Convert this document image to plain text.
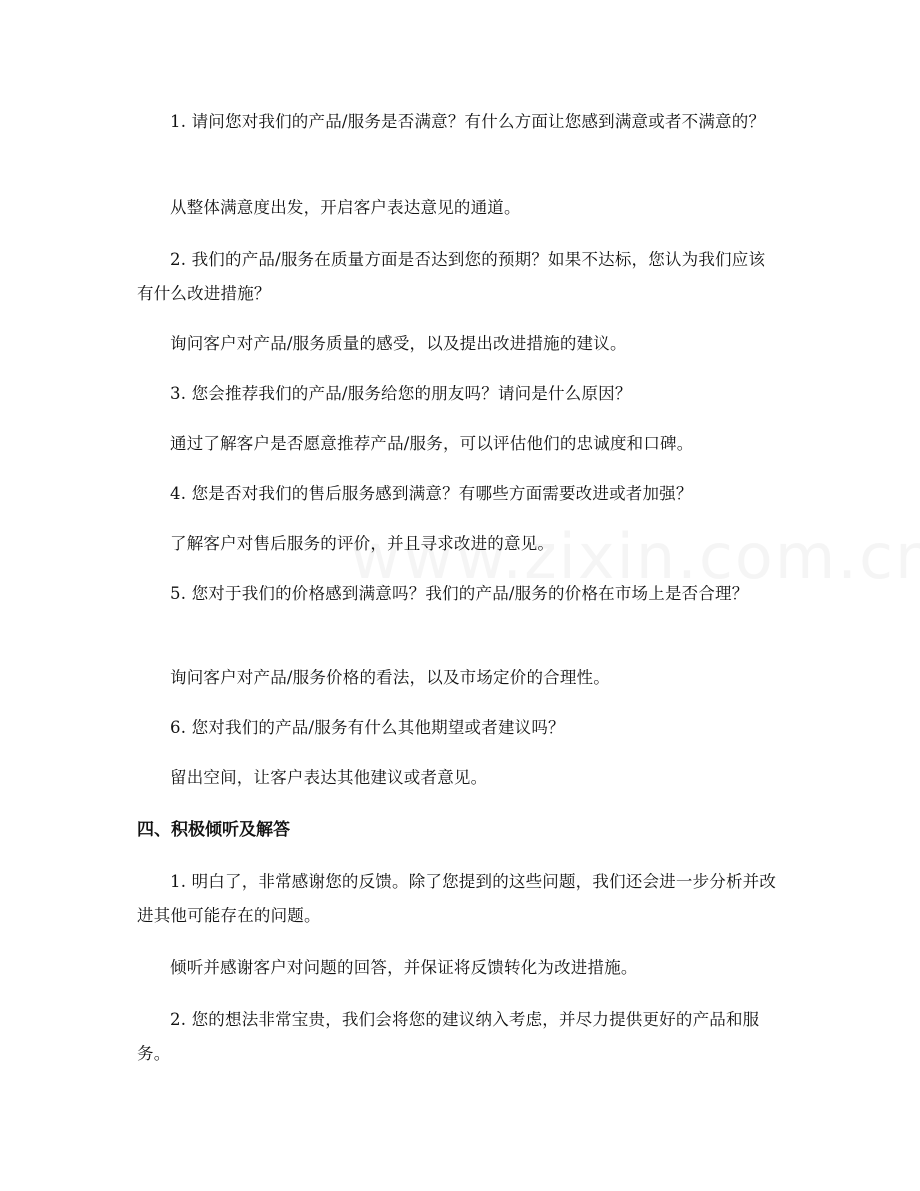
1. 请问您对我们的产品/服务是否满意？有什么方面让您感到满意或者不满意的？

从整体满意度出发，开启客户表达意见的通道。

2. 我们的产品/服务在质量方面是否达到您的预期？如果不达标，您认为我们应该有什么改进措施？

询问客户对产品/服务质量的感受，以及提出改进措施的建议。

3. 您会推荐我们的产品/服务给您的朋友吗？请问是什么原因？

通过了解客户是否愿意推荐产品/服务，可以评估他们的忠诚度和口碑。

4. 您是否对我们的售后服务感到满意？有哪些方面需要改进或者加强？

了解客户对售后服务的评价，并且寻求改进的意见。

5. 您对于我们的价格感到满意吗？我们的产品/服务的价格在市场上是否合理？

询问客户对产品/服务价格的看法，以及市场定价的合理性。

6. 您对我们的产品/服务有什么其他期望或者建议吗？

留出空间，让客户表达其他建议或者意见。

四、积极倾听及解答

1. 明白了，非常感谢您的反馈。除了您提到的这些问题，我们还会进一步分析并改进其他可能存在的问题。

倾听并感谢客户对问题的回答，并保证将反馈转化为改进措施。

2. 您的想法非常宝贵，我们会将您的建议纳入考虑，并尽力提供更好的产品和服务。
